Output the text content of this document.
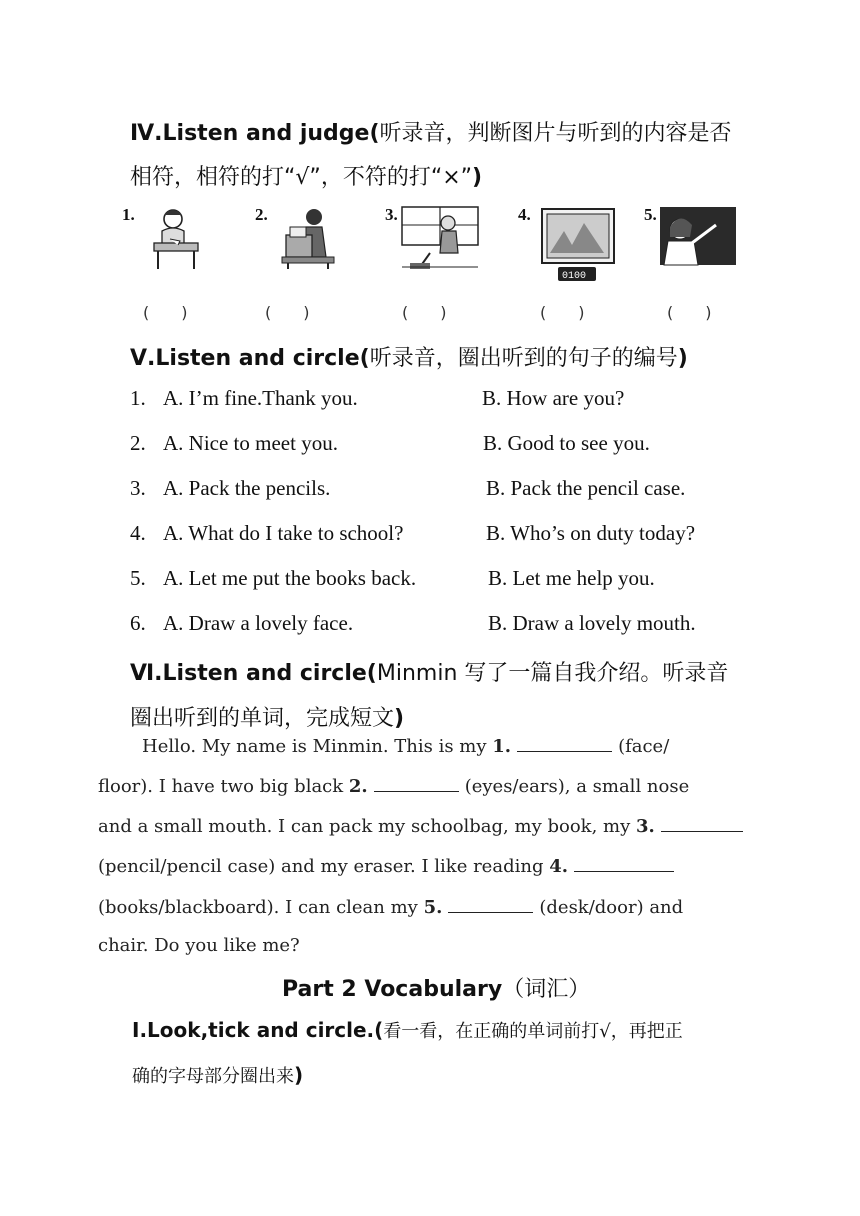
Ⅳ.Listen and judge(听录音，判断图片与听到的内容是否
相符，相符的打“√”，不符的打“×”)
1.	2.	3.	4.
0100
5.
(　　)	(　　)	(　　)	(　　)	(　　)
Ⅴ.Listen and circle(听录音，圈出听到的句子的编号)
1. A. I’m fine.Thank you.	B. How are you?
2. A. Nice to meet you.	B. Good to see you.
3. A. Pack the pencils.	B. Pack the pencil case.
4. A. What do I take to school?	B. Who’s on duty today?
5. A. Let me put the books back.	B. Let me help you.
6. A. Draw a lovely face.	B. Draw a lovely mouth.
Ⅵ.Listen and circle(Minmin 写了一篇自我介绍。听录音
圈出听到的单词，完成短文)
Hello. My name is Minmin. This is my 1.	(face/
floor). I have two big black 2.	(eyes/ears), a small nose
and a small mouth. I can pack my schoolbag, my book, my 3.
(pencil/pencil case) and my eraser. I like reading 4.
(books/blackboard). I can clean my 5.	(desk/door) and
chair. Do you like me?
Part 2 Vocabulary（词汇）
Ⅰ.Look,tick and circle.(看一看，在正确的单词前打√，再把正
确的字母部分圈出来)
